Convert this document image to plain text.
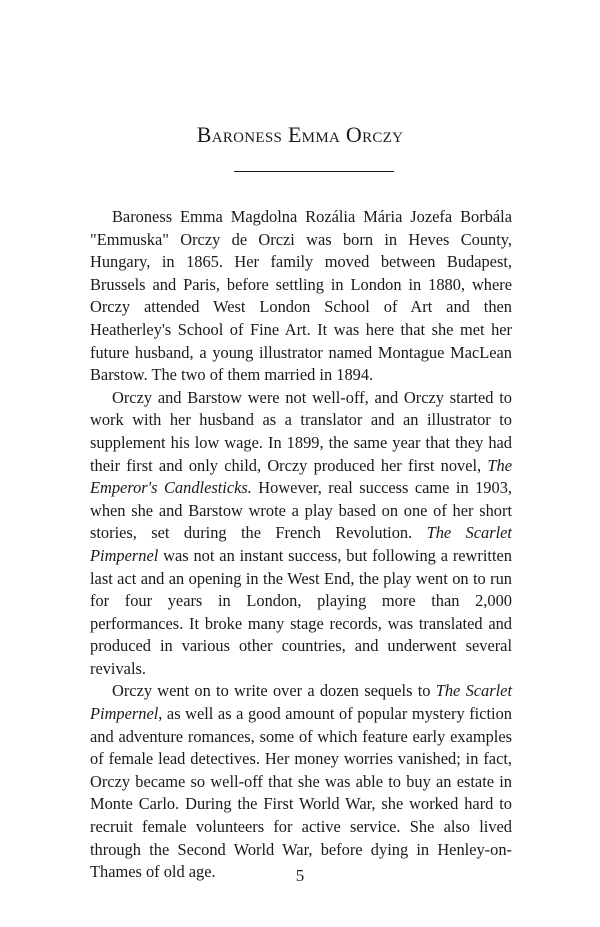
Baroness Emma Orczy

Baroness Emma Magdolna Rozália Mária Jozefa Borbála "Emmuska" Orczy de Orczi was born in Heves County, Hungary, in 1865. Her family moved between Budapest, Brussels and Paris, before settling in London in 1880, where Orczy attended West London School of Art and then Heatherley's School of Fine Art. It was here that she met her future husband, a young illustrator named Montague MacLean Barstow. The two of them married in 1894.

Orczy and Barstow were not well-off, and Orczy started to work with her husband as a translator and an illustrator to supplement his low wage. In 1899, the same year that they had their first and only child, Orczy produced her first novel, The Emperor's Candlesticks. However, real success came in 1903, when she and Barstow wrote a play based on one of her short stories, set during the French Revolution. The Scarlet Pimpernel was not an instant success, but following a rewritten last act and an opening in the West End, the play went on to run for four years in London, playing more than 2,000 performances. It broke many stage records, was translated and produced in various other countries, and underwent several revivals.

Orczy went on to write over a dozen sequels to The Scarlet Pimpernel, as well as a good amount of popular mystery fiction and adventure romances, some of which feature early examples of female lead detectives. Her money worries vanished; in fact, Orczy became so well-off that she was able to buy an estate in Monte Carlo. During the First World War, she worked hard to recruit female volunteers for active service. She also lived through the Second World War, before dying in Henley-on-Thames of old age.	5
